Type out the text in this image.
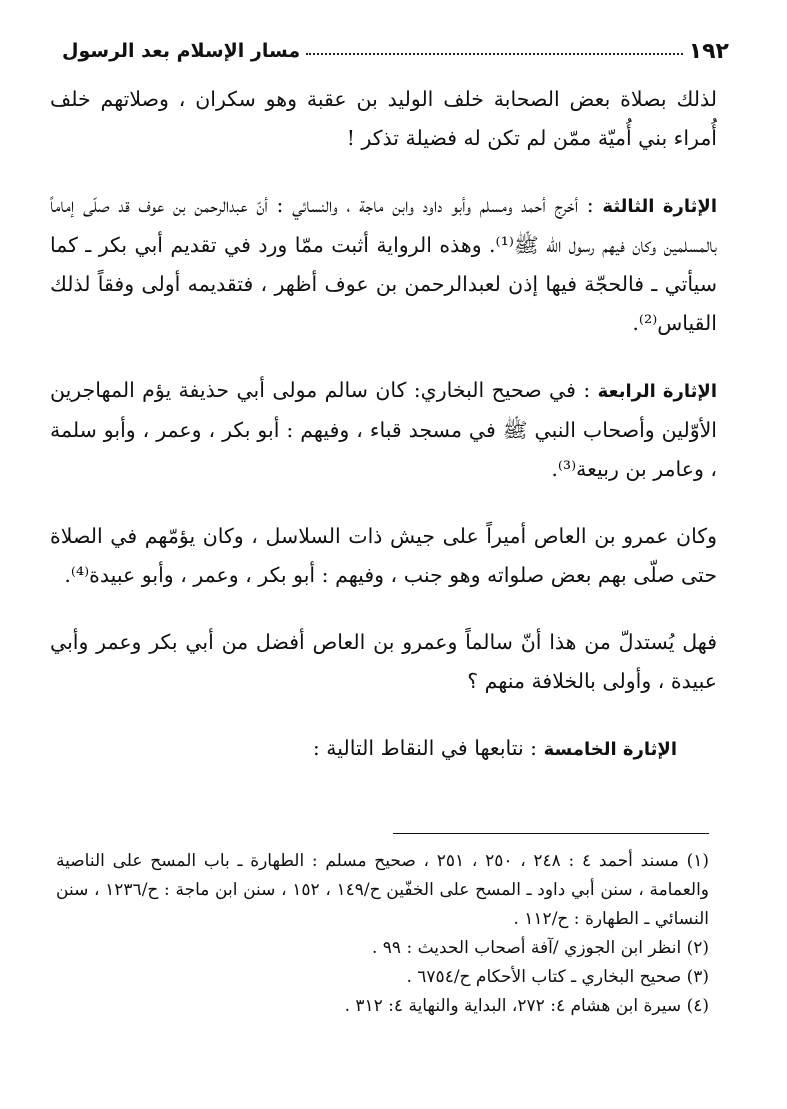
١٩٢
مسار الإسلام بعد الرسول

لذلك بصلاة بعض الصحابة خلف الوليد بن عقبة وهو سكران ، وصلاتهم خلف أُمراء بني أُميّة ممّن لم تكن له فضيلة تذكر !

الإثارة الثالثة : أخرج أحمد ومسلم وأبو داود وابن ماجة ، والنسائي : أنّ عبدالرحمن بن عوف قد صلّى إماماً بالمسلمين وكان فيهم رسول الله ﷺ⁽¹⁾. وهذه الرواية أثبت ممّا ورد في تقديم أبي بكر ـ كما سيأتي ـ فالحجّة فيها إذن لعبدالرحمن بن عوف أظهر ، فتقديمه أولى وفقاً لذلك القياس⁽²⁾.

الإثارة الرابعة : في صحيح البخاري: كان سالم مولى أبي حذيفة يؤم المهاجرين الأوّلين وأصحاب النبي ﷺ في مسجد قباء ، وفيهم : أبو بكر ، وعمر ، وأبو سلمة ، وعامر بن ربيعة⁽³⁾.

وكان عمرو بن العاص أميراً على جيش ذات السلاسل ، وكان يؤمّهم في الصلاة حتى صلّى بهم بعض صلواته وهو جنب ، وفيهم : أبو بكر ، وعمر ، وأبو عبيدة⁽⁴⁾.

فهل يُستدلّ من هذا أنّ سالماً وعمرو بن العاص أفضل من أبي بكر وعمر وأبي عبيدة ، وأولى بالخلافة منهم ؟

الإثارة الخامسة : نتابعها في النقاط التالية :

(١) مسند أحمد ٤ : ٢٤٨ ، ٢٥٠ ، ٢٥١ ، صحيح مسلم : الطهارة ـ باب المسح على الناصية والعمامة ، سنن أبي داود ـ المسح على الخفّين ح/١٤٩ ، ١٥٢ ، سنن ابن ماجة : ح/١٢٣٦ ، سنن النسائي ـ الطهارة : ح/١١٢ .

(٢) انظر ابن الجوزي /آفة أصحاب الحديث : ٩٩ .

(٣) صحيح البخاري ـ كتاب الأحكام ح/٦٧٥٤ .

(٤) سيرة ابن هشام ٤: ٢٧٢، البداية والنهاية ٤: ٣١٢ .
